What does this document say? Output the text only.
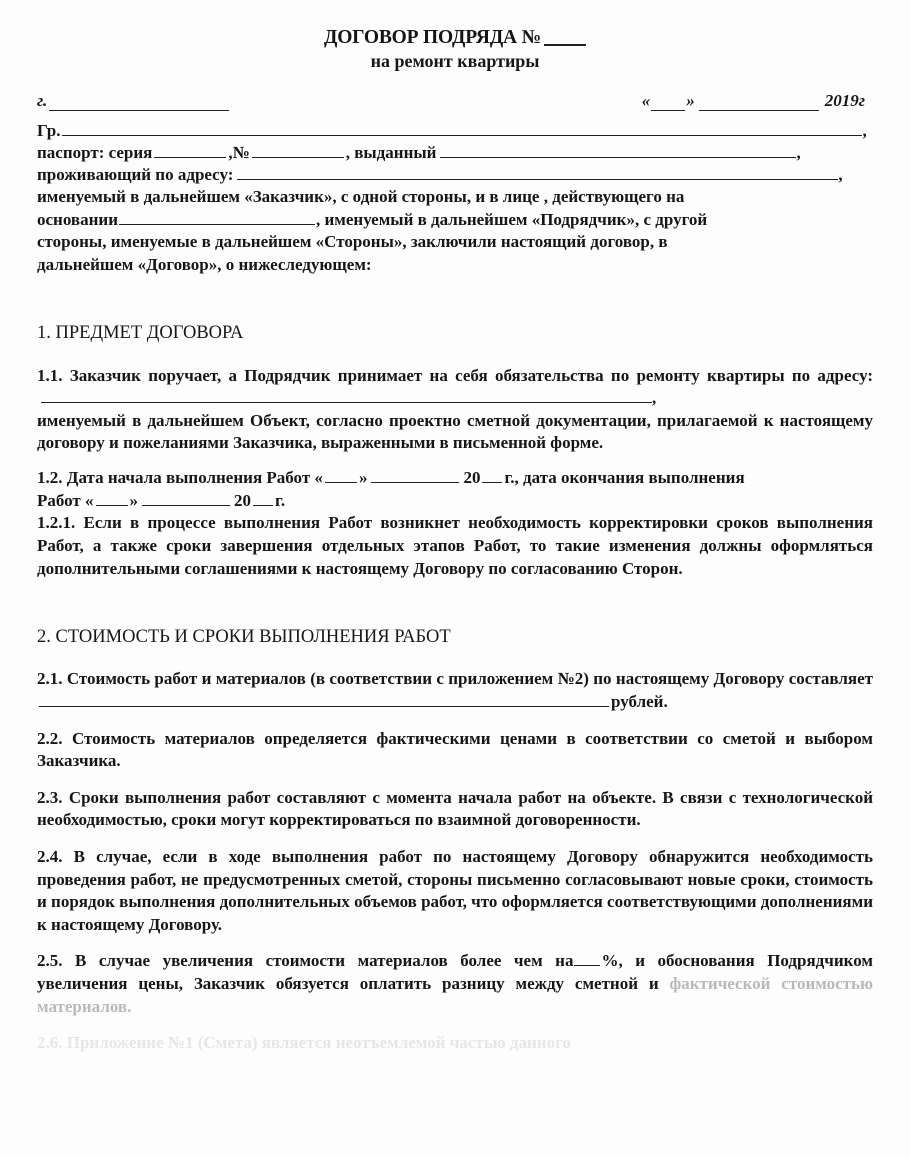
ДОГОВОР ПОДРЯДА №
на ремонт квартиры
г.	« »	2019 г
Гр.	,
паспорт: серия	,№	, выданный	,
проживающий по адресу:	,
именуемый в дальнейшем «Заказчик», с одной стороны, и в лице , действующего на
основании	, именуемый в дальнейшем «Подрядчик», с другой
стороны, именуемые в дальнейшем «Стороны», заключили настоящий договор, в
дальнейшем «Договор», о нижеследующем:
1. ПРЕДМЕТ ДОГОВОРА
1.1. Заказчик поручает, а Подрядчик принимает на себя обязательства по ремонту квартиры по адресу:,
именуемый в дальнейшем Объект, согласно проектно сметной документации, прилагаемой к настоящему договору и пожеланиями Заказчика, выраженными в письменной форме.
1.2. Дата начала выполнения Работ « »	20 г., дата окончания выполнения
Работ « »	20 г.
1.2.1. Если в процессе выполнения Работ возникнет необходимость корректировки сроков выполнения Работ, а также сроки завершения отдельных этапов Работ, то такие изменения должны оформляться дополнительными соглашениями к настоящему Договору по согласованию Сторон.
2. СТОИМОСТЬ И СРОКИ ВЫПОЛНЕНИЯ РАБОТ
2.1. Стоимость работ и материалов (в соответствии с приложением №2) по настоящему Договору составляетрублей.
2.2. Стоимость материалов определяется фактическими ценами в соответствии со сметой и выбором Заказчика.
2.3. Сроки выполнения работ составляют с момента начала работ на объекте. В связи с технологической необходимостью, сроки могут корректироваться по взаимной договоренности.
2.4. В случае, если в ходе выполнения работ по настоящему Договору обнаружится необходимость проведения работ, не предусмотренных сметой, стороны письменно согласовывают новые сроки, стоимость и порядок выполнения дополнительных объемов работ, что оформляется соответствующими дополнениями к настоящему Договору.
2.5. В случае увеличения стоимости материалов более чем на %, и обоснования Подрядчиком увеличения цены, Заказчик обязуется оплатить разницу между сметной и фактической стоимостью материалов.
2.6. Приложение №1 (Смета) является неотъемлемой частью данного
